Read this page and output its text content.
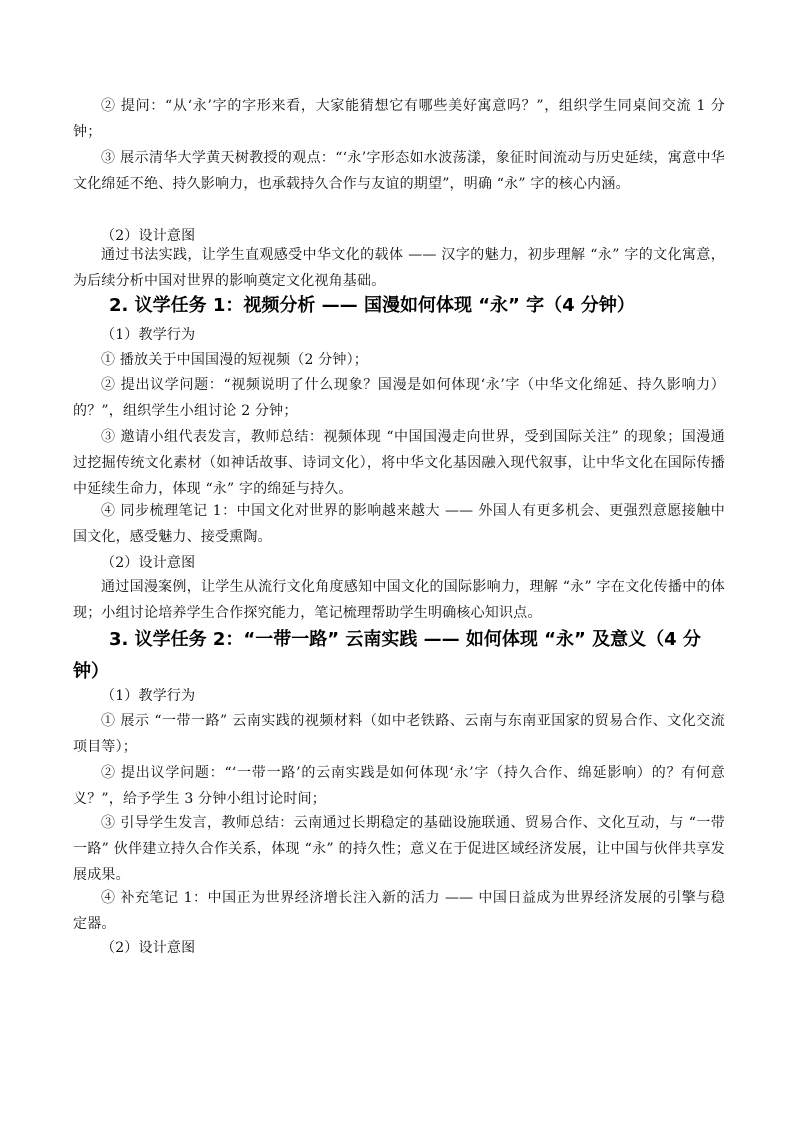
② 提问：“从‘永’字的字形来看，大家能猜想它有哪些美好寓意吗？”，组织学生同桌间交流 1 分钟；
③ 展示清华大学黄天树教授的观点：“‘永’字形态如水波荡漾，象征时间流动与历史延续，寓意中华文化绵延不绝、持久影响力，也承载持久合作与友谊的期望”，明确 “永” 字的核心内涵。
（2）设计意图
通过书法实践，让学生直观感受中华文化的载体 —— 汉字的魅力，初步理解 “永” 字的文化寓意，为后续分析中国对世界的影响奠定文化视角基础。
2. 议学任务 1：视频分析 —— 国漫如何体现 “永” 字（4 分钟）
（1）教学行为
① 播放关于中国国漫的短视频（2 分钟）；
② 提出议学问题：“视频说明了什么现象？国漫是如何体现‘永’字（中华文化绵延、持久影响力）的？”，组织学生小组讨论 2 分钟；
③ 邀请小组代表发言，教师总结：视频体现 “中国国漫走向世界，受到国际关注” 的现象；国漫通过挖掘传统文化素材（如神话故事、诗词文化），将中华文化基因融入现代叙事，让中华文化在国际传播中延续生命力，体现 “永” 字的绵延与持久。
④ 同步梳理笔记 1：中国文化对世界的影响越来越大 —— 外国人有更多机会、更强烈意愿接触中国文化，感受魅力、接受熏陶。
（2）设计意图
通过国漫案例，让学生从流行文化角度感知中国文化的国际影响力，理解 “永” 字在文化传播中的体现；小组讨论培养学生合作探究能力，笔记梳理帮助学生明确核心知识点。
3. 议学任务 2：“一带一路” 云南实践 —— 如何体现 “永” 及意义（4 分钟）
（1）教学行为
① 展示 “一带一路” 云南实践的视频材料（如中老铁路、云南与东南亚国家的贸易合作、文化交流项目等）；
② 提出议学问题：“‘一带一路’的云南实践是如何体现‘永’字（持久合作、绵延影响）的？有何意义？”，给予学生 3 分钟小组讨论时间；
③ 引导学生发言，教师总结：云南通过长期稳定的基础设施联通、贸易合作、文化互动，与 “一带一路” 伙伴建立持久合作关系，体现 “永” 的持久性；意义在于促进区域经济发展，让中国与伙伴共享发展成果。
④ 补充笔记 1：中国正为世界经济增长注入新的活力 —— 中国日益成为世界经济发展的引擎与稳定器。
（2）设计意图
